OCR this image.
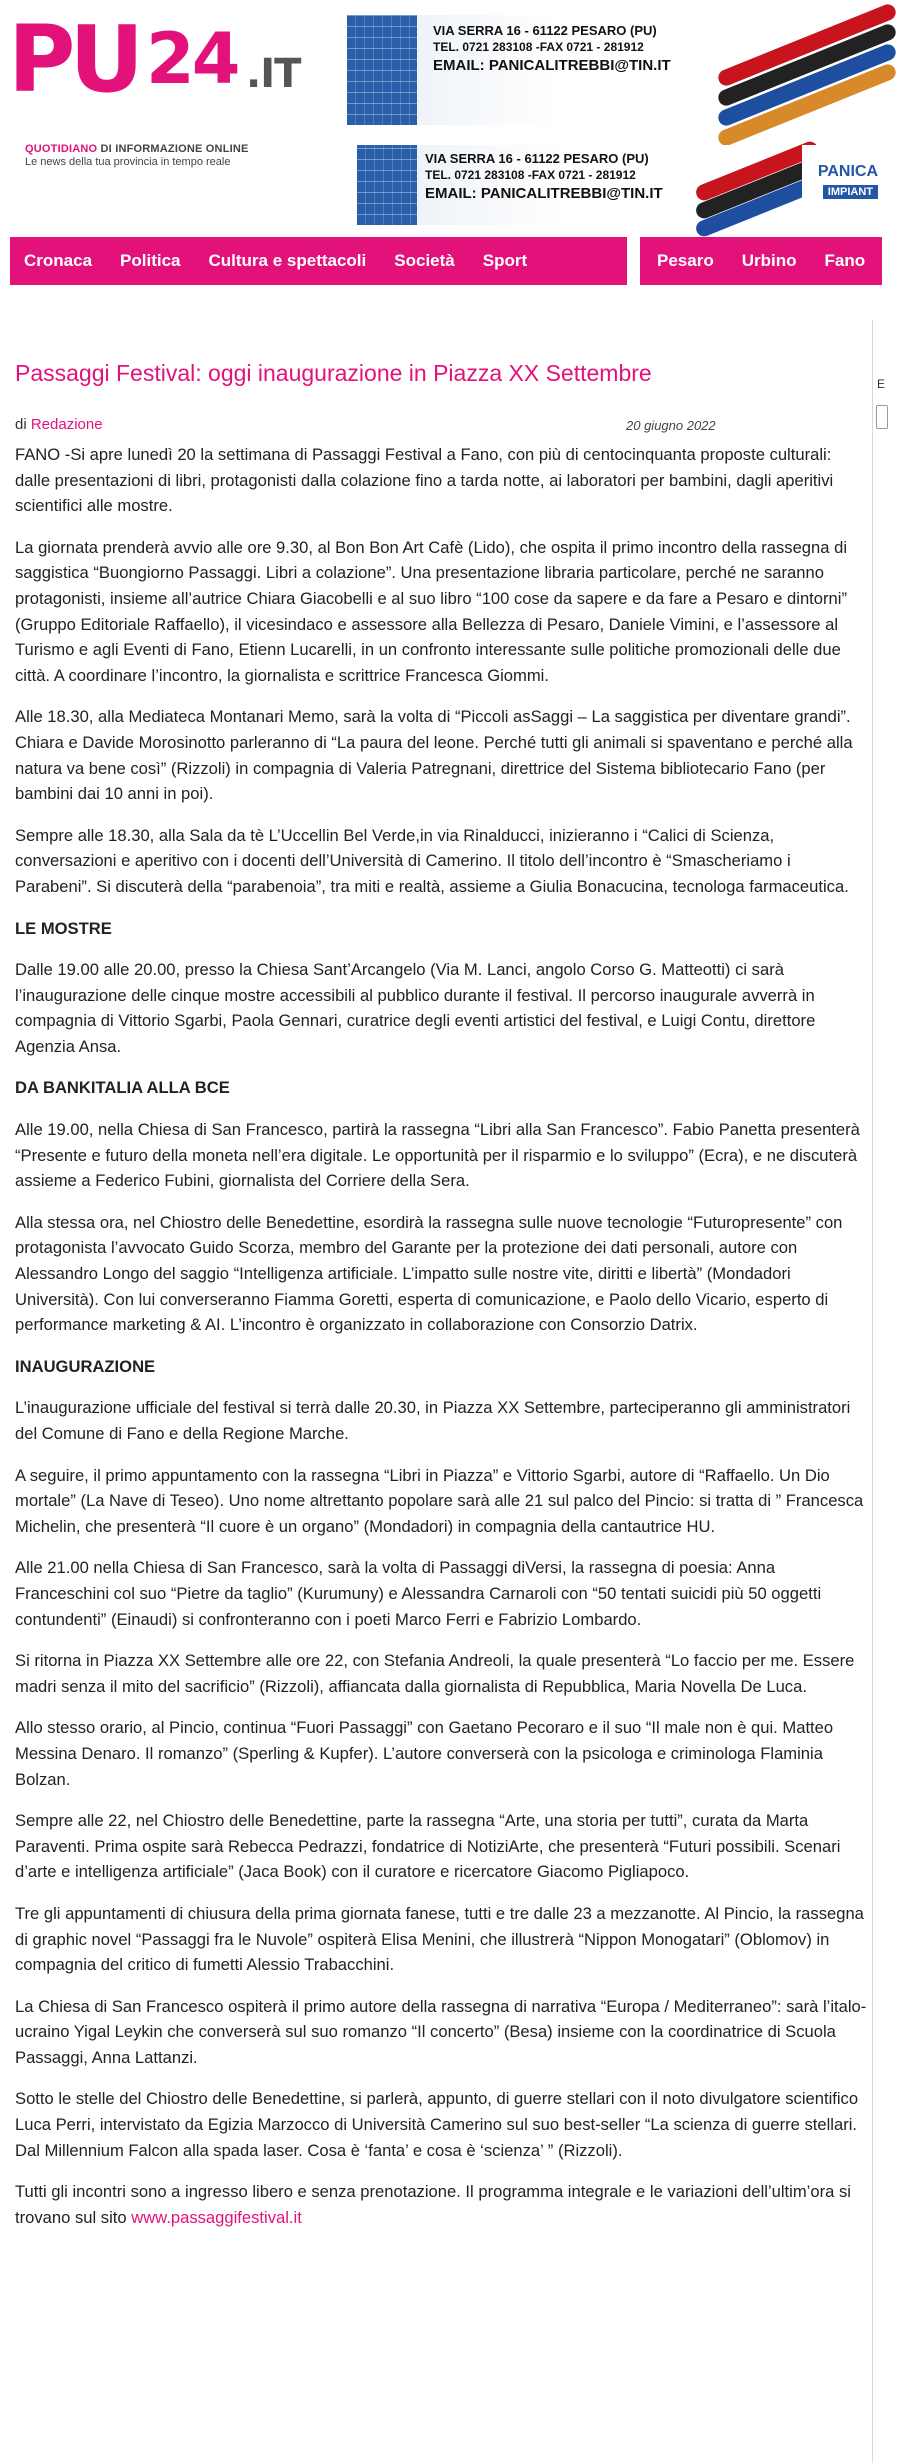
PU 24 .IT
QUOTIDIANO DI INFORMAZIONE ONLINE
Le news della tua provincia in tempo reale
VIA SERRA 16 - 61122 PESARO (PU)
TEL. 0721 283108 -FAX 0721 - 281912
EMAIL: PANICALITREBBI@TIN.IT
VIA SERRA 16 - 61122 PESARO (PU)
TEL. 0721 283108 -FAX 0721 - 281912
EMAIL: PANICALITREBBI@TIN.IT
PANICA
IMPIANT
Cronaca Politica Cultura e spettacoli Società Sport	Pesaro Urbino Fano
E
Passaggi Festival: oggi inaugurazione in Piazza XX Settembre
di Redazione	20 giugno 2022

FANO -Si apre lunedì 20 la settimana di Passaggi Festival a Fano, con più di centocinquanta proposte culturali: dalle presentazioni di libri, protagonisti dalla colazione fino a tarda notte, ai laboratori per bambini, dagli aperitivi scientifici alle mostre.

La giornata prenderà avvio alle ore 9.30, al Bon Bon Art Cafè (Lido), che ospita il primo incontro della rassegna di saggistica “Buongiorno Passaggi. Libri a colazione”. Una presentazione libraria particolare, perché ne saranno protagonisti, insieme all’autrice Chiara Giacobelli e al suo libro “100 cose da sapere e da fare a Pesaro e dintorni” (Gruppo Editoriale Raffaello), il vicesindaco e assessore alla Bellezza di Pesaro, Daniele Vimini, e l’assessore al Turismo e agli Eventi di Fano, Etienn Lucarelli, in un confronto interessante sulle politiche promozionali delle due città. A coordinare l’incontro, la giornalista e scrittrice Francesca Giommi.

Alle 18.30, alla Mediateca Montanari Memo, sarà la volta di “Piccoli asSaggi – La saggistica per diventare grandi”. Chiara e Davide Morosinotto parleranno di “La paura del leone. Perché tutti gli animali si spaventano e perché alla natura va bene così” (Rizzoli) in compagnia di Valeria Patregnani, direttrice del Sistema bibliotecario Fano (per bambini dai 10 anni in poi).

Sempre alle 18.30, alla Sala da tè L’Uccellin Bel Verde,in via Rinalducci, inizieranno i “Calici di Scienza, conversazioni e aperitivo con i docenti dell’Università di Camerino. Il titolo dell’incontro è “Smascheriamo i Parabeni”. Si discuterà della “parabenoia”, tra miti e realtà, assieme a Giulia Bonacucina, tecnologa farmaceutica.

LE MOSTRE

Dalle 19.00 alle 20.00, presso la Chiesa Sant’Arcangelo (Via M. Lanci, angolo Corso G. Matteotti) ci sarà l’inaugurazione delle cinque mostre accessibili al pubblico durante il festival. Il percorso inaugurale avverrà in compagnia di Vittorio Sgarbi, Paola Gennari, curatrice degli eventi artistici del festival, e Luigi Contu, direttore Agenzia Ansa.

DA BANKITALIA ALLA BCE

Alle 19.00, nella Chiesa di San Francesco, partirà la rassegna “Libri alla San Francesco”. Fabio Panetta presenterà “Presente e futuro della moneta nell’era digitale. Le opportunità per il risparmio e lo sviluppo” (Ecra), e ne discuterà assieme a Federico Fubini, giornalista del Corriere della Sera.

Alla stessa ora, nel Chiostro delle Benedettine, esordirà la rassegna sulle nuove tecnologie “Futuropresente” con protagonista l’avvocato Guido Scorza, membro del Garante per la protezione dei dati personali, autore con Alessandro Longo del saggio “Intelligenza artificiale. L’impatto sulle nostre vite, diritti e libertà” (Mondadori Università). Con lui converseranno Fiamma Goretti, esperta di comunicazione, e Paolo dello Vicario, esperto di performance marketing & AI. L’incontro è organizzato in collaborazione con Consorzio Datrix.

INAUGURAZIONE

L’inaugurazione ufficiale del festival si terrà dalle 20.30, in Piazza XX Settembre, parteciperanno gli amministratori del Comune di Fano e della Regione Marche.

A seguire, il primo appuntamento con la rassegna “Libri in Piazza” e Vittorio Sgarbi, autore di “Raffaello. Un Dio mortale” (La Nave di Teseo). Uno nome altrettanto popolare sarà alle 21 sul palco del Pincio: si tratta di ” Francesca Michelin, che presenterà “Il cuore è un organo” (Mondadori) in compagnia della cantautrice HU.

Alle 21.00 nella Chiesa di San Francesco, sarà la volta di Passaggi diVersi, la rassegna di poesia: Anna Franceschini col suo “Pietre da taglio” (Kurumuny) e Alessandra Carnaroli con “50 tentati suicidi più 50 oggetti contundenti” (Einaudi) si confronteranno con i poeti Marco Ferri e Fabrizio Lombardo.

Si ritorna in Piazza XX Settembre alle ore 22, con Stefania Andreoli, la quale presenterà “Lo faccio per me. Essere madri senza il mito del sacrificio” (Rizzoli), affiancata dalla giornalista di Repubblica, Maria Novella De Luca.

Allo stesso orario, al Pincio, continua “Fuori Passaggi” con Gaetano Pecoraro e il suo “Il male non è qui. Matteo Messina Denaro. Il romanzo” (Sperling & Kupfer). L’autore converserà con la psicologa e criminologa Flaminia Bolzan.

Sempre alle 22, nel Chiostro delle Benedettine, parte la rassegna “Arte, una storia per tutti”, curata da Marta Paraventi. Prima ospite sarà Rebecca Pedrazzi, fondatrice di NotiziArte, che presenterà “Futuri possibili. Scenari d’arte e intelligenza artificiale” (Jaca Book) con il curatore e ricercatore Giacomo Pigliapoco.

Tre gli appuntamenti di chiusura della prima giornata fanese, tutti e tre dalle 23 a mezzanotte. Al Pincio, la rassegna di graphic novel “Passaggi fra le Nuvole” ospiterà Elisa Menini, che illustrerà “Nippon Monogatari” (Oblomov) in compagnia del critico di fumetti Alessio Trabacchini.

La Chiesa di San Francesco ospiterà il primo autore della rassegna di narrativa “Europa / Mediterraneo”: sarà l’italo-ucraino Yigal Leykin che converserà sul suo romanzo “Il concerto” (Besa) insieme con la coordinatrice di Scuola Passaggi, Anna Lattanzi.

Sotto le stelle del Chiostro delle Benedettine, si parlerà, appunto, di guerre stellari con il noto divulgatore scientifico Luca Perri, intervistato da Egizia Marzocco di Università Camerino sul suo best-seller “La scienza di guerre stellari. Dal Millennium Falcon alla spada laser. Cosa è ‘fanta’ e cosa è ‘scienza’ ” (Rizzoli).

Tutti gli incontri sono a ingresso libero e senza prenotazione. Il programma integrale e le variazioni dell’ultim’ora si trovano sul sito www.passaggifestival.it
